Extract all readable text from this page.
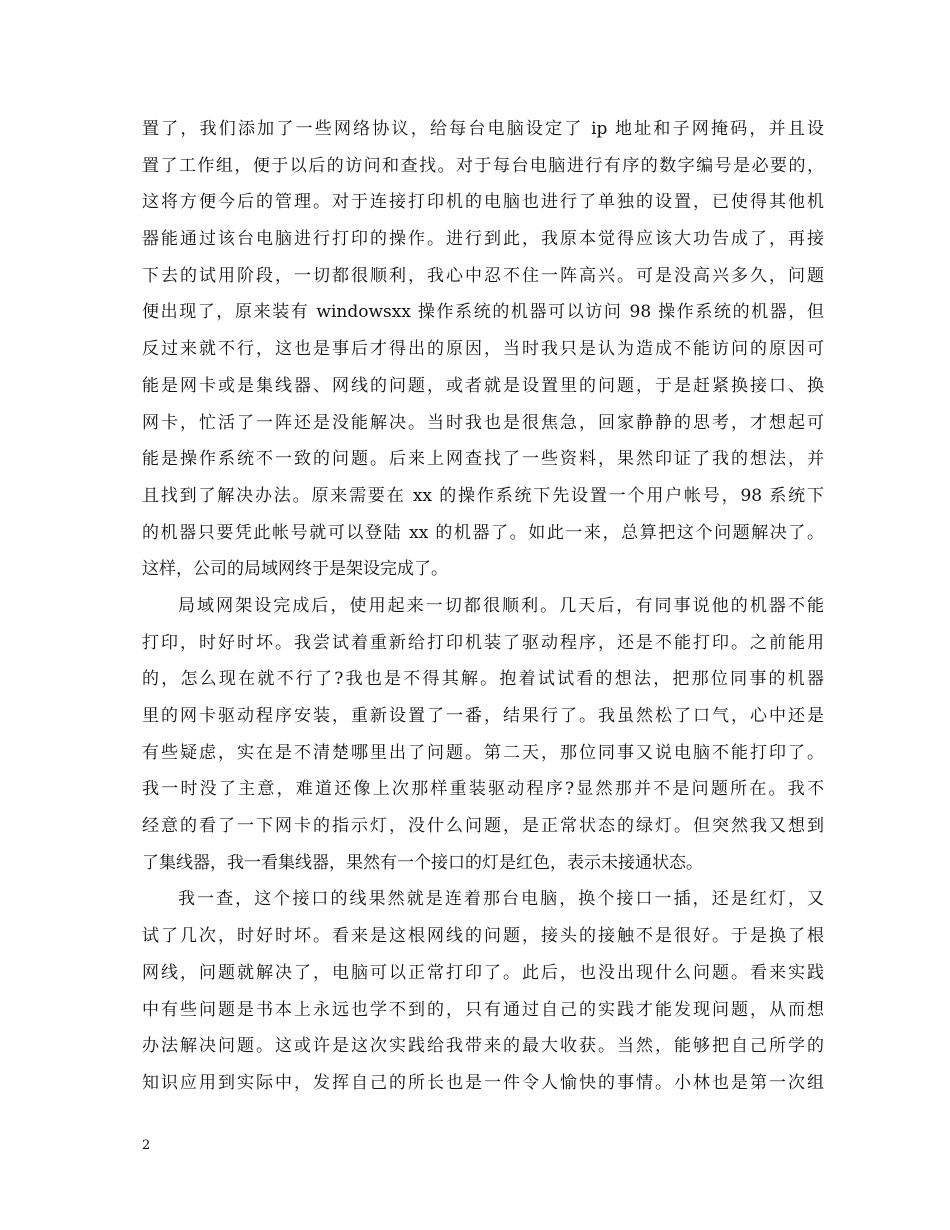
置了，我们添加了一些网络协议，给每台电脑设定了 ip 地址和子网掩码，并且设
置了工作组，便于以后的访问和查找。对于每台电脑进行有序的数字编号是必要的，
这将方便今后的管理。对于连接打印机的电脑也进行了单独的设置，已使得其他机
器能通过该台电脑进行打印的操作。进行到此，我原本觉得应该大功告成了，再接
下去的试用阶段，一切都很顺利，我心中忍不住一阵高兴。可是没高兴多久，问题
便出现了，原来装有 windowsxx 操作系统的机器可以访问 98 操作系统的机器，但
反过来就不行，这也是事后才得出的原因，当时我只是认为造成不能访问的原因可
能是网卡或是集线器、网线的问题，或者就是设置里的问题，于是赶紧换接口、换
网卡，忙活了一阵还是没能解决。当时我也是很焦急，回家静静的思考，才想起可
能是操作系统不一致的问题。后来上网查找了一些资料，果然印证了我的想法，并
且找到了解决办法。原来需要在 xx 的操作系统下先设置一个用户帐号，98 系统下
的机器只要凭此帐号就可以登陆 xx 的机器了。如此一来，总算把这个问题解决了。
这样，公司的局域网终于是架设完成了。
局域网架设完成后，使用起来一切都很顺利。几天后，有同事说他的机器不能
打印，时好时坏。我尝试着重新给打印机装了驱动程序，还是不能打印。之前能用
的，怎么现在就不行了?我也是不得其解。抱着试试看的想法，把那位同事的机器
里的网卡驱动程序安装，重新设置了一番，结果行了。我虽然松了口气，心中还是
有些疑虑，实在是不清楚哪里出了问题。第二天，那位同事又说电脑不能打印了。
我一时没了主意，难道还像上次那样重装驱动程序?显然那并不是问题所在。我不
经意的看了一下网卡的指示灯，没什么问题，是正常状态的绿灯。但突然我又想到
了集线器，我一看集线器，果然有一个接口的灯是红色，表示未接通状态。
我一查，这个接口的线果然就是连着那台电脑，换个接口一插，还是红灯，又
试了几次，时好时坏。看来是这根网线的问题，接头的接触不是很好。于是换了根
网线，问题就解决了，电脑可以正常打印了。此后，也没出现什么问题。看来实践
中有些问题是书本上永远也学不到的，只有通过自己的实践才能发现问题，从而想
办法解决问题。这或许是这次实践给我带来的最大收获。当然，能够把自己所学的
知识应用到实际中，发挥自己的所长也是一件令人愉快的事情。小林也是第一次组
2
